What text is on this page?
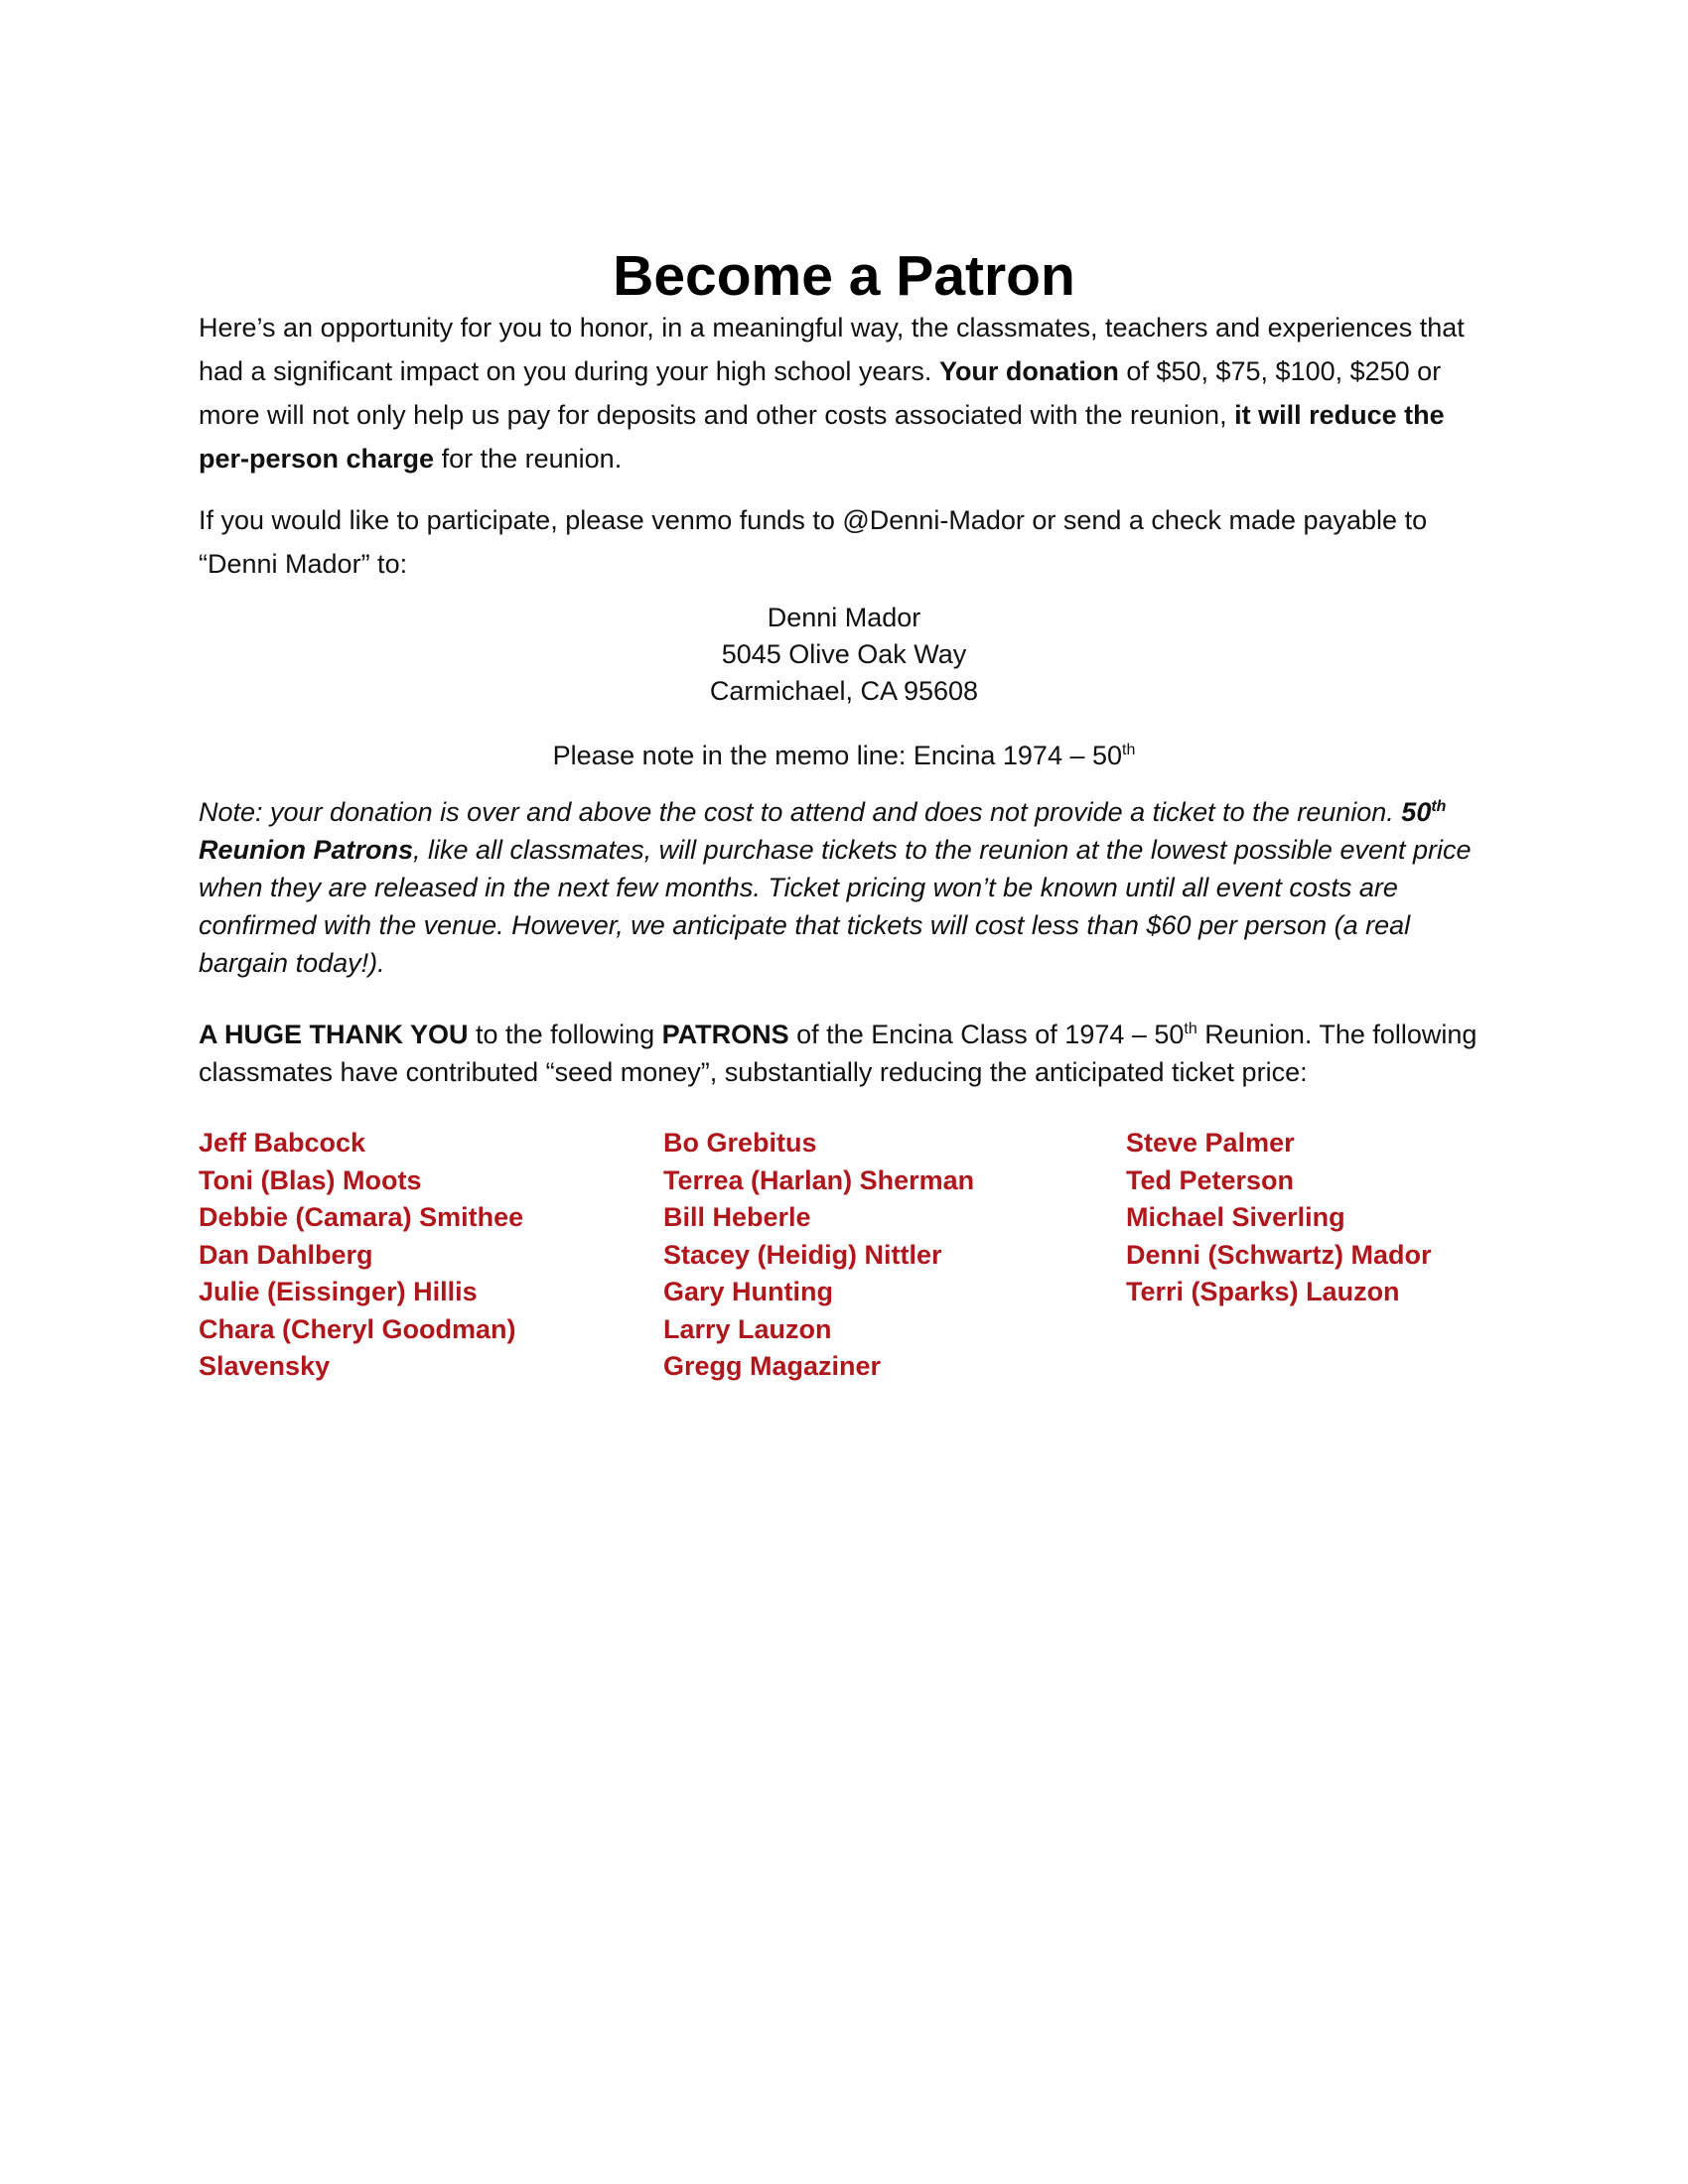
Become a Patron

Here’s an opportunity for you to honor, in a meaningful way, the classmates, teachers and experiences that had a significant impact on you during your high school years. Your donation of $50, $75, $100, $250 or more will not only help us pay for deposits and other costs associated with the reunion, it will reduce the per-person charge for the reunion.

If you would like to participate, please venmo funds to @Denni-Mador or send a check made payable to “Denni Mador” to:

Denni Mador
5045 Olive Oak Way
Carmichael, CA 95608

Please note in the memo line: Encina 1974 – 50th

Note: your donation is over and above the cost to attend and does not provide a ticket to the reunion. 50th Reunion Patrons, like all classmates, will purchase tickets to the reunion at the lowest possible event price when they are released in the next few months. Ticket pricing won’t be known until all event costs are confirmed with the venue. However, we anticipate that tickets will cost less than $60 per person (a real bargain today!).

A HUGE THANK YOU to the following PATRONS of the Encina Class of 1974 – 50th Reunion. The following classmates have contributed “seed money”, substantially reducing the anticipated ticket price:

Jeff Babcock
Toni (Blas) Moots
Debbie (Camara) Smithee
Dan Dahlberg
Julie (Eissinger) Hillis
Chara (Cheryl Goodman)
Slavensky
Bo Grebitus
Terrea (Harlan) Sherman
Bill Heberle
Stacey (Heidig) Nittler
Gary Hunting
Larry Lauzon
Gregg Magaziner
Steve Palmer
Ted Peterson
Michael Siverling
Denni (Schwartz) Mador
Terri (Sparks) Lauzon
